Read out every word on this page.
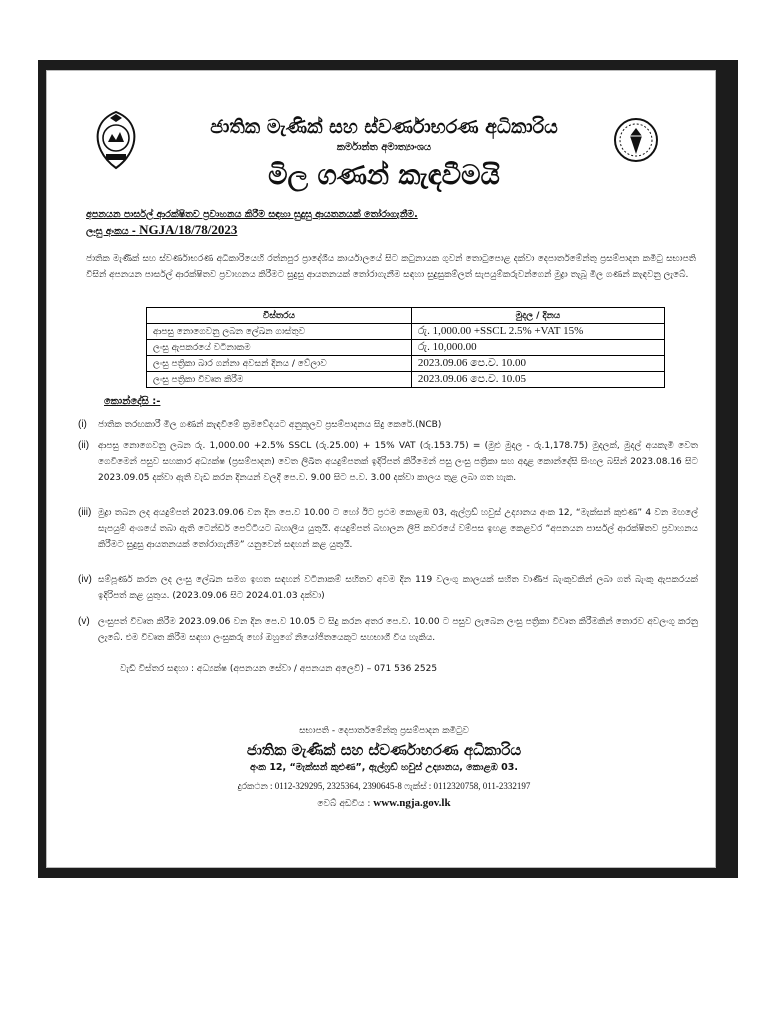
ජාතික මැණික් සහ ස්වර්ණාභරණ අධිකාරිය
කර්මාන්ත අමාත්‍යාංශය
මිල ගණන් කැඳවීමයි
අපනයන පාර්සල් ආරක්ෂිතව ප්‍රවාහනය කිරීම සඳහා සුදුසු ආයතනයක් තෝරාගැනීම.
ලංසු අංකය - NGJA/18/78/2023
ජාතික මැණික් සහ ස්වර්ණාභරණ අධිකාරියෙහි රත්නපුර ප්‍රාදේශීය කාර්යාලයේ සිට කටුනායක ගුවන් තොටුපොළ දක්වා දෙපාර්තමේන්තු ප්‍රසම්පාදන කමිටු සභාපති විසින් අපනයන පාර්සල් ආරක්ෂිතව ප්‍රවාහනය කිරීමට සුදුසු ආයතනයක් තෝරාගැනීම සඳහා සුදුසුකම්ලත් සැපයුම්කරුවන්ගෙන් මුද්‍රා තැබූ මිල ගණන් කැඳවනු ලැබේ.
විස්තරය	මුදල / දිනය
ආපසු නොගෙවනු ලබන ලේඛන ගාස්තුව	රු. 1,000.00 +SSCL 2.5% +VAT 15%
ලංසු ඇපකරයේ වටිනාකම	රු. 10,000.00
ලංසු පත්‍රිකා බාර ගන්නා අවසන් දිනය / වේලාව	2023.09.06 පෙ.ව. 10.00
ලංසු පත්‍රිකා විවෘත කිරීම	2023.09.06 පෙ.ව. 10.05
කොන්දේසි :-
(i) ජාතික තරඟකාරී මිල ගණන් කැඳවීමේ ක්‍රමවේදයට අනුකූලව ප්‍රසම්පාදනය සිදු කෙරේ.(NCB)
(ii) ආපසු නොගෙවනු ලබන රු. 1,000.00 +2.5% SSCL (රු.25.00) + 15% VAT (රු.153.75) = (මුළු මුදල - රු.1,178.75) මුදලක්, මුදල් අයකැමි වෙත ගෙවීමෙන් පසුව සහකාර අධ්‍යක්ෂ (ප්‍රසම්පාදන) වෙත ලිඛිත අයදුම්පතක් ඉදිරිපත් කිරීමෙන් පසු ලංසු පත්‍රිකා සහ අදාළ කොන්දේසි සිංහල බසින් 2023.08.16 සිට 2023.09.05 දක්වා ඇති වැඩ කරන දිනයන් වලදී පෙ.ව. 9.00 සිට ප.ව. 3.00 දක්වා කාලය තුළ ලබා ගත හැක.
(iii) මුද්‍රා තබන ලද අයදුම්පත් 2023.09.06 වන දින පෙ.ව 10.00 ට හෝ ඊට ප්‍රථම කොළඹ 03, ඇල්ෆ්‍රඩ් හවුස් උද්‍යානය අංක 12, “මැක්සන් කුළුණ” 4 වන මහලේ සැපයුම් අංශයේ තබා ඇති ටෙන්ඩර් පෙට්ටියට බහාලිය යුතුයි. අයදුම්පත් බහාලන ලිපි කවරයේ වම්පස ඉහළ කෙළවර “අපනයන පාර්සල් ආරක්ෂිතව ප්‍රවාහනය කිරීමට සුදුසු ආයතනයක් තෝරාගැනීම” යනුවෙන් සඳහන් කළ යුතුයි.
(iv) සම්පූර්ණ කරන ලද ලංසු ලේඛන සමග ඉහත සඳහන් වටිනාකම් සහිතව අවම දින 119 වලංගු කාලයක් සහිත වාණිජ බැංකුවකින් ලබා ගත් බැංකු ඇපකරයක් ඉදිරිපත් කළ යුතුය. (2023.09.06 සිට 2024.01.03 දක්වා)
(v) ලංසුපත් විවෘත කිරීම 2023.09.06 වන දින පෙ.ව 10.05 ට සිදු කරන අතර පෙ.ව. 10.00 ට පසුව ලැබෙන ලංසු පත්‍රිකා විවෘත කිරීමකින් තොරව අවලංගු කරනු ලැබේ. එම විවෘත කිරීම සඳහා ලංසුකරු හෝ ඔහුගේ නියෝජිතයෙකුට සහභාගී විය හැකිය.
වැඩි විස්තර සඳහා : අධ්‍යක්ෂ (අපනයන සේවා / අපනයන අලෙවි) – 071 536 2525
සභාපති - දෙපාර්තමේන්තු ප්‍රසම්පාදන කමිටුව
ජාතික මැණික් සහ ස්වර්ණාභරණ අධිකාරිය
අංක 12, “මැක්සන් කුළුණ”, ඇල්ෆ්‍රඩ් හවුස් උද්‍යානය, කොළඹ 03.
දුරකථන : 0112-329295, 2325364, 2390645-8 ෆැක්ස් : 0112320758, 011-2332197
වෙබ් අඩවිය : www.ngja.gov.lk
